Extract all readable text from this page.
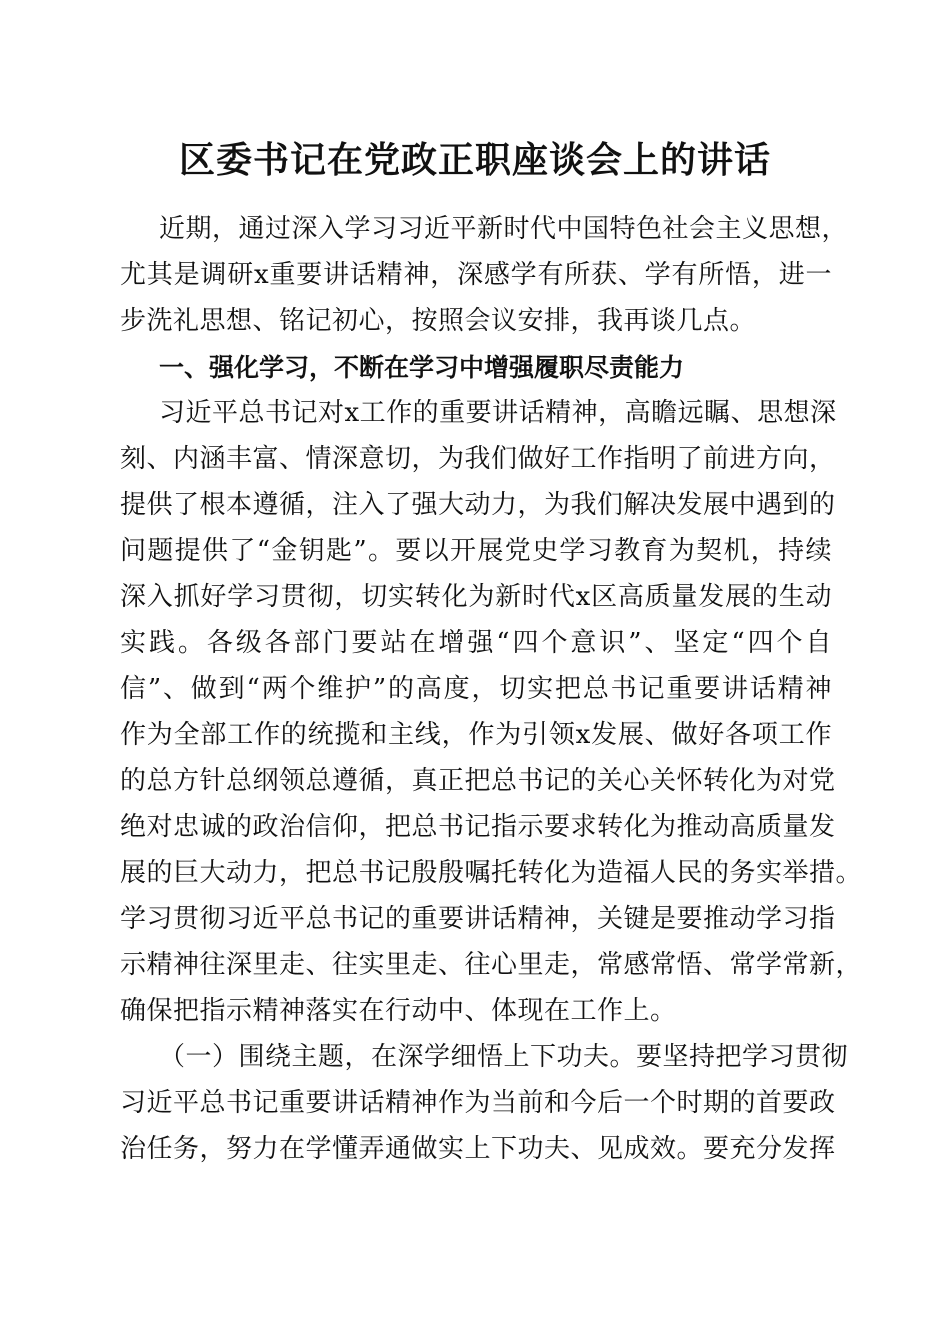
区委书记在党政正职座谈会上的讲话
近期，通过深入学习习近平新时代中国特色社会主义思想，
尤其是调研x重要讲话精神，深感学有所获、学有所悟，进一
步洗礼思想、铭记初心，按照会议安排，我再谈几点。
一、强化学习，不断在学习中增强履职尽责能力
习近平总书记对x工作的重要讲话精神，高瞻远瞩、思想深
刻、内涵丰富、情深意切，为我们做好工作指明了前进方向，
提供了根本遵循，注入了强大动力，为我们解决发展中遇到的
问题提供了“金钥匙”。要以开展党史学习教育为契机，持续
深入抓好学习贯彻，切实转化为新时代x区高质量发展的生动
实践。各级各部门要站在增强“四个意识”、坚定“四个自
信”、做到“两个维护”的高度，切实把总书记重要讲话精神
作为全部工作的统揽和主线，作为引领x发展、做好各项工作
的总方针总纲领总遵循，真正把总书记的关心关怀转化为对党
绝对忠诚的政治信仰，把总书记指示要求转化为推动高质量发
展的巨大动力，把总书记殷殷嘱托转化为造福人民的务实举措。
学习贯彻习近平总书记的重要讲话精神，关键是要推动学习指
示精神往深里走、往实里走、往心里走，常感常悟、常学常新，
确保把指示精神落实在行动中、体现在工作上。
（一）围绕主题，在深学细悟上下功夫。要坚持把学习贯彻
习近平总书记重要讲话精神作为当前和今后一个时期的首要政
治任务，努力在学懂弄通做实上下功夫、见成效。要充分发挥
